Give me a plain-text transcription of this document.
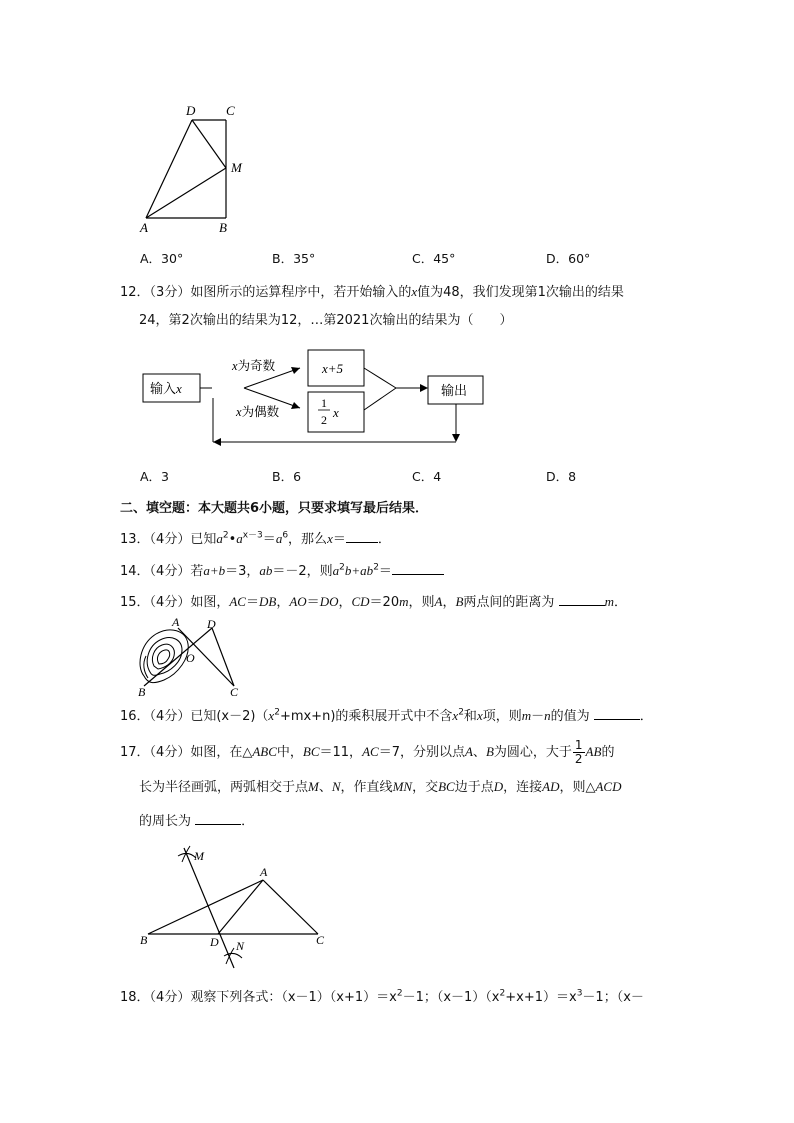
D C
M
A	B
A．30°	B．35°	C．45°	D．60°
12．（3分）如图所示的运算程序中，若开始输入的x值为48，我们发现第1次输出的结果
24，第2次输出的结果为12，…第2021次输出的结果为（　　）
输入x
x为奇数
x为偶数
x+5
1
2 x
输出
A．3	B．6	C．4	D．8
二、填空题：本大题共6小题，只要求填写最后结果．
13．（4分）已知$a^2•a^{x-3}=a^6$，那么x＝ ．
14．（4分）若a+b＝3，ab＝－2，则$a^2b+ab^2=$
15．（4分）如图，AC＝DB，AO＝DO，CD＝20m，则A，B两点间的距离为	m．
A D
O
B	C
16．（4分）已知$(x-2)(x^2+mx+n)$的乘积展开式中不含$x^2$和x项，则m－n的值为	．
17．（4分）如图，在△ABC中，BC＝11，AC＝7，分别以点A、B为圆心，大于 $\frac{1}{2}$ AB的
长为半径画弧，两弧相交于点M、N，作直线MN，交BC边于点D，连接AD，则△ACD
的周长为	．
M
A
B	D N	C
18．（4分）观察下列各式：$(x-1)(x+1)=x^2-1$；$(x-1)(x^2+x+1)=x^3-1$；（x－
